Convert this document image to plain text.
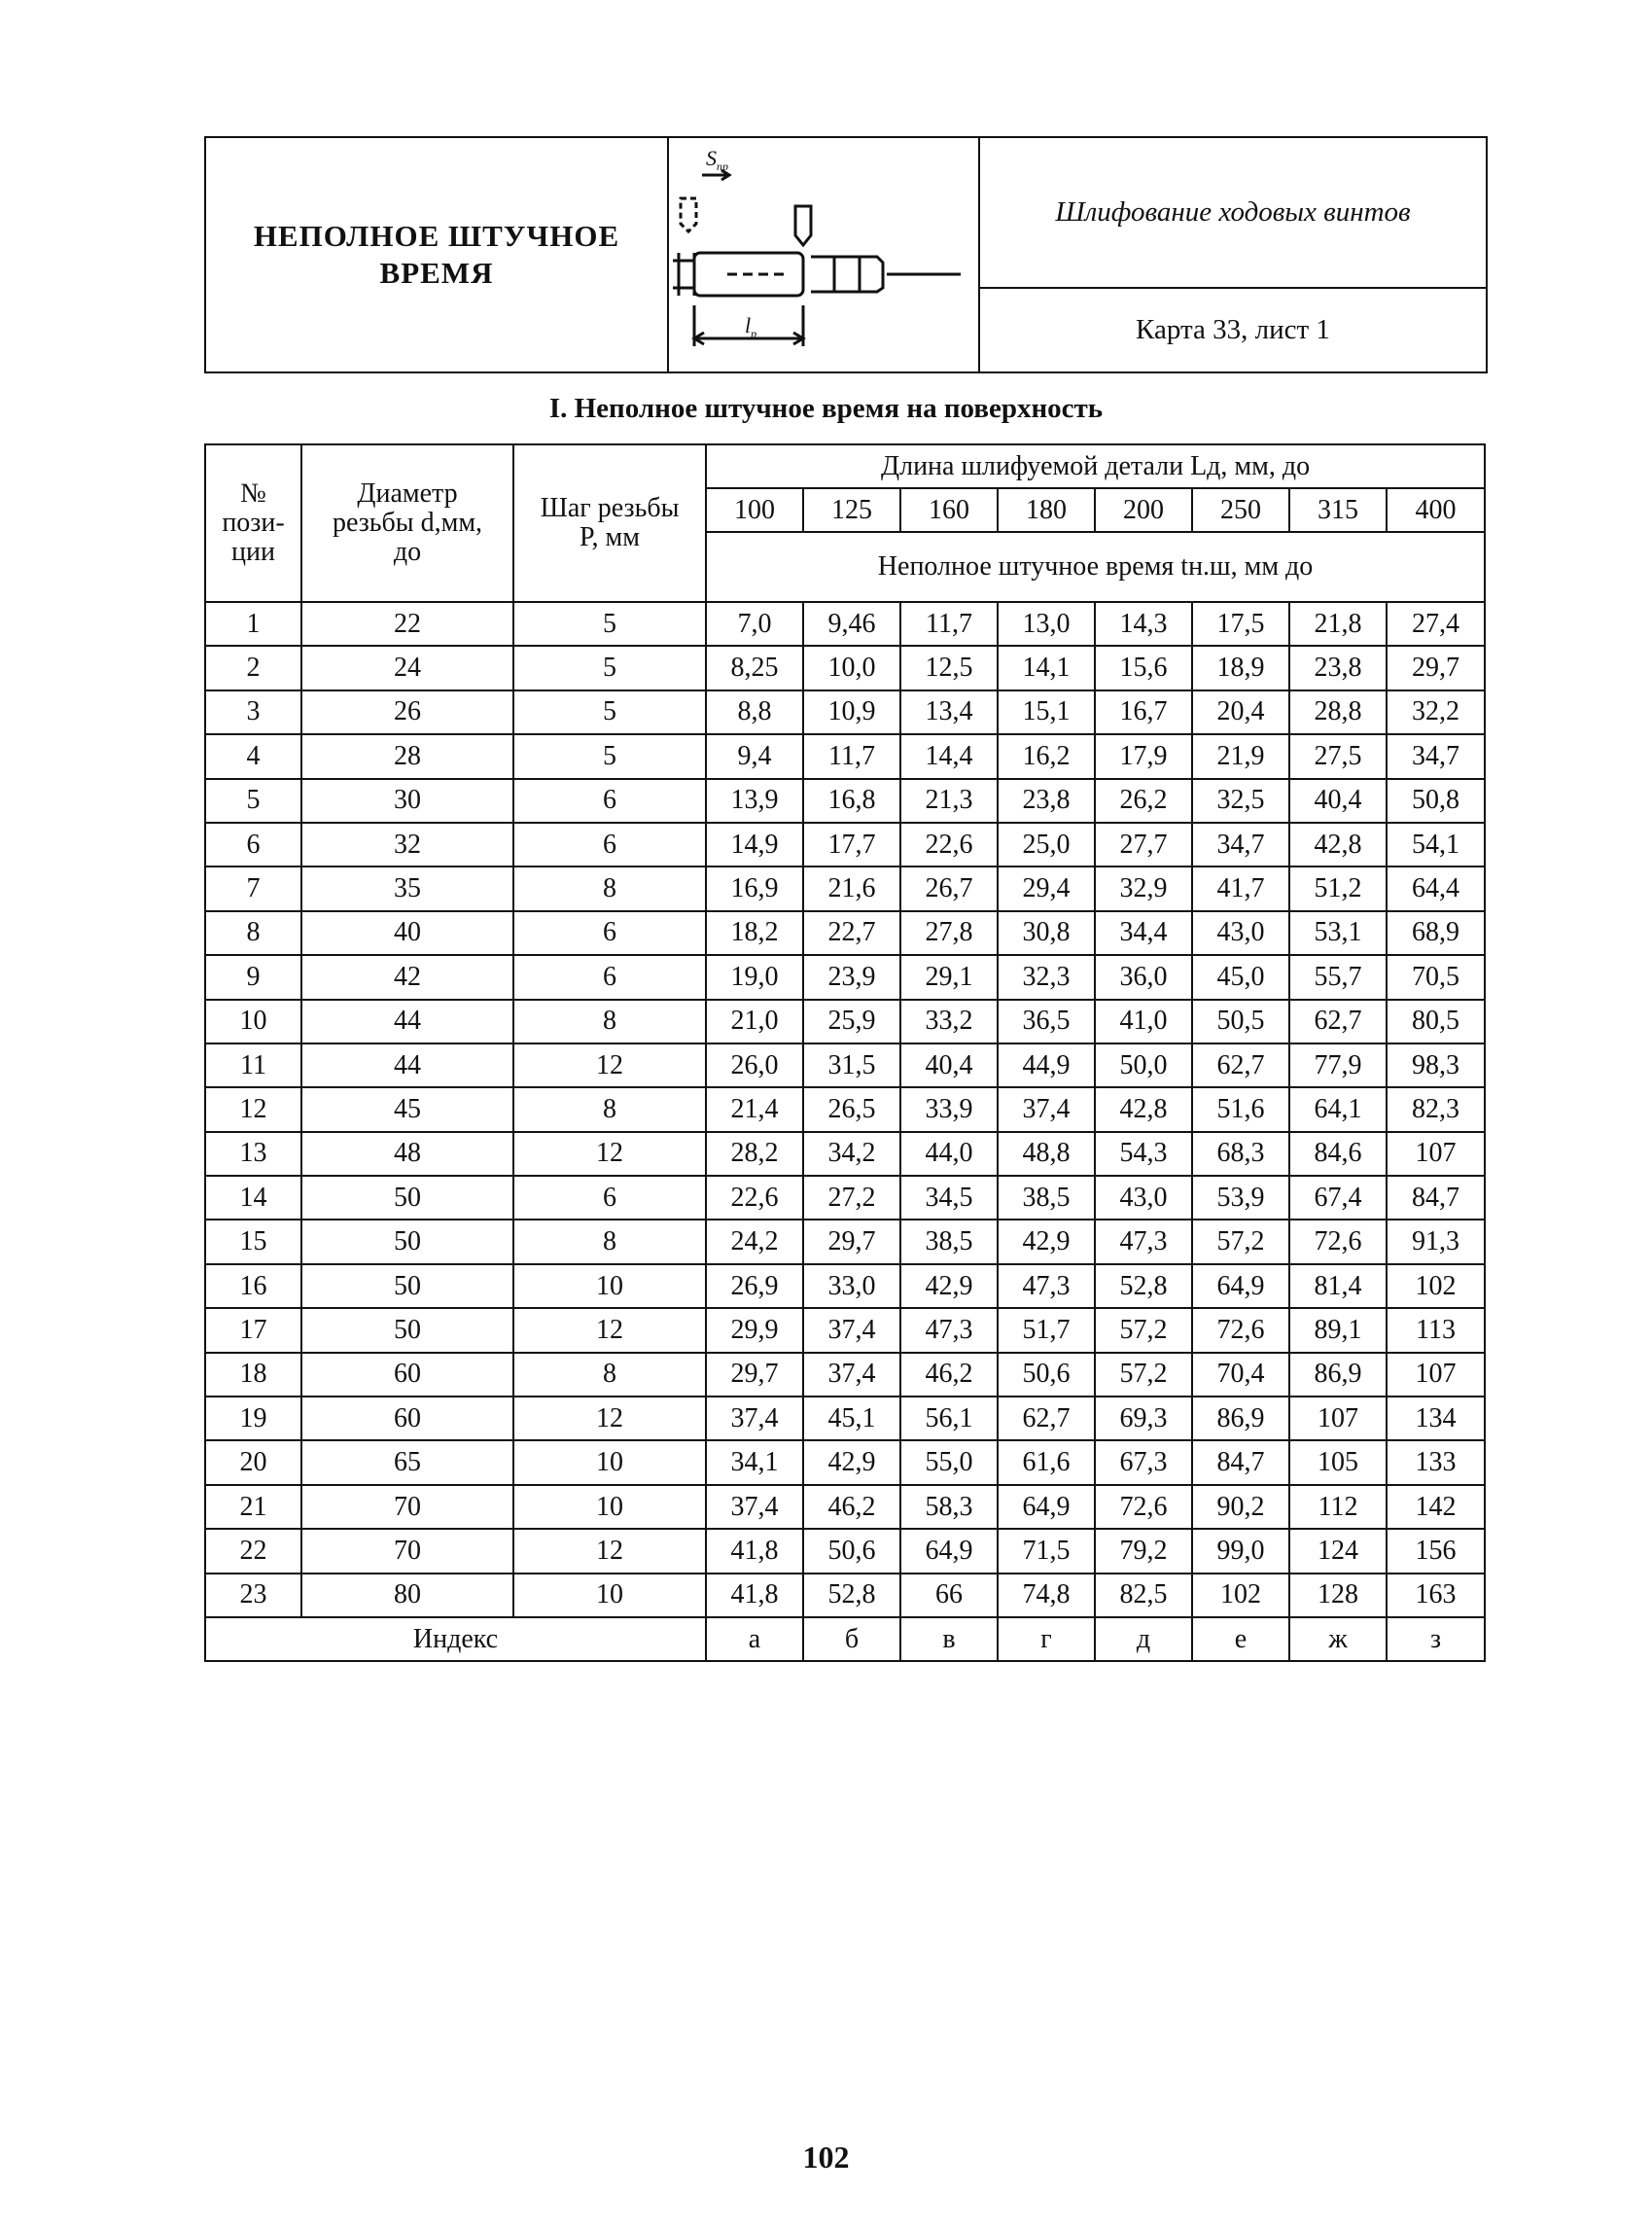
НЕПОЛНОЕ ШТУЧНОЕ
ВРЕМЯ
$S_{пр}$
$l_р$
Шлифование ходовых винтов
Карта 33, лист 1
I. Неполное штучное время на поверхность
№
пози-
ции	Диаметр
резьбы d,мм,
до	Шаг резьбы
P, мм	Длина шлифуемой детали Lд, мм, до							
			100	125	160	180	200	250	315	400
			Неполное штучное время tн.ш, мм до							
1	22	5	7,0	9,46	11,7	13,0	14,3	17,5	21,8	27,4
2	24	5	8,25	10,0	12,5	14,1	15,6	18,9	23,8	29,7
3	26	5	8,8	10,9	13,4	15,1	16,7	20,4	28,8	32,2
4	28	5	9,4	11,7	14,4	16,2	17,9	21,9	27,5	34,7
5	30	6	13,9	16,8	21,3	23,8	26,2	32,5	40,4	50,8
6	32	6	14,9	17,7	22,6	25,0	27,7	34,7	42,8	54,1
7	35	8	16,9	21,6	26,7	29,4	32,9	41,7	51,2	64,4
8	40	6	18,2	22,7	27,8	30,8	34,4	43,0	53,1	68,9
9	42	6	19,0	23,9	29,1	32,3	36,0	45,0	55,7	70,5
10	44	8	21,0	25,9	33,2	36,5	41,0	50,5	62,7	80,5
11	44	12	26,0	31,5	40,4	44,9	50,0	62,7	77,9	98,3
12	45	8	21,4	26,5	33,9	37,4	42,8	51,6	64,1	82,3
13	48	12	28,2	34,2	44,0	48,8	54,3	68,3	84,6	107
14	50	6	22,6	27,2	34,5	38,5	43,0	53,9	67,4	84,7
15	50	8	24,2	29,7	38,5	42,9	47,3	57,2	72,6	91,3
16	50	10	26,9	33,0	42,9	47,3	52,8	64,9	81,4	102
17	50	12	29,9	37,4	47,3	51,7	57,2	72,6	89,1	113
18	60	8	29,7	37,4	46,2	50,6	57,2	70,4	86,9	107
19	60	12	37,4	45,1	56,1	62,7	69,3	86,9	107	134
20	65	10	34,1	42,9	55,0	61,6	67,3	84,7	105	133
21	70	10	37,4	46,2	58,3	64,9	72,6	90,2	112	142
22	70	12	41,8	50,6	64,9	71,5	79,2	99,0	124	156
23	80	10	41,8	52,8	66	74,8	82,5	102	128	163
Индекс			а	б	в	г	д	е	ж	з
102
